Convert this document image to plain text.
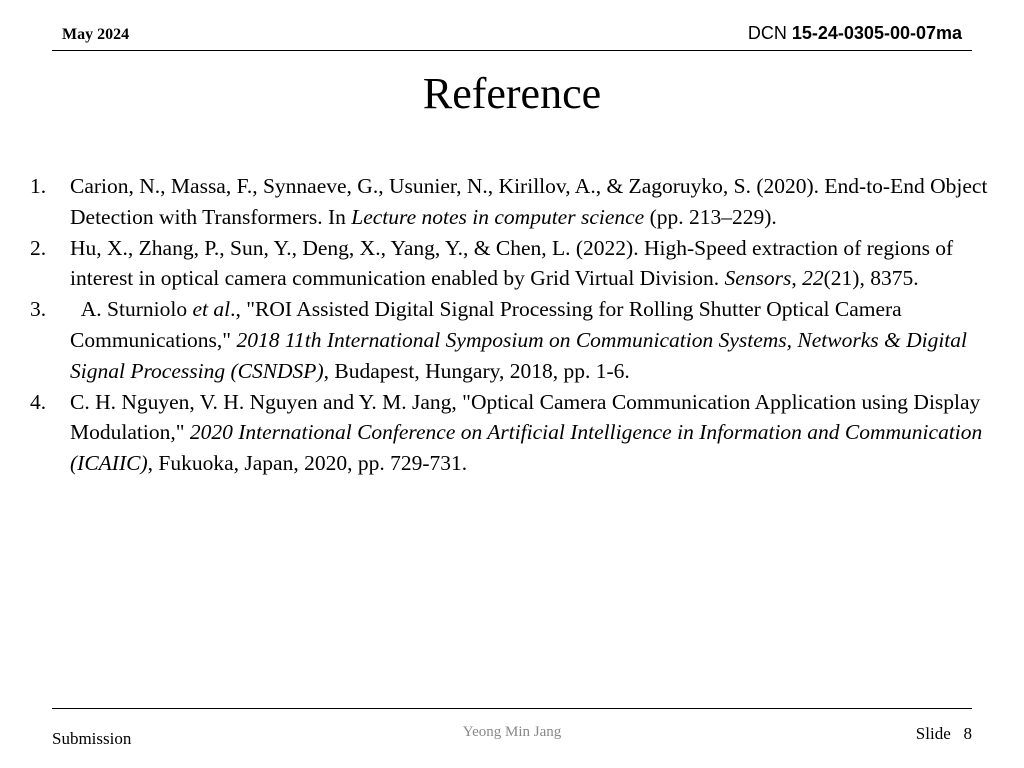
May 2024	DCN 15-24-0305-00-07ma
Reference
1. Carion, N., Massa, F., Synnaeve, G., Usunier, N., Kirillov, A., & Zagoruyko, S. (2020). End-to-End Object Detection with Transformers. In Lecture notes in computer science (pp. 213–229).
2. Hu, X., Zhang, P., Sun, Y., Deng, X., Yang, Y., & Chen, L. (2022). High-Speed extraction of regions of interest in optical camera communication enabled by Grid Virtual Division. Sensors, 22(21), 8375.
3. A. Sturniolo et al., "ROI Assisted Digital Signal Processing for Rolling Shutter Optical Camera Communications," 2018 11th International Symposium on Communication Systems, Networks & Digital Signal Processing (CSNDSP), Budapest, Hungary, 2018, pp. 1-6.
4. C. H. Nguyen, V. H. Nguyen and Y. M. Jang, "Optical Camera Communication Application using Display Modulation," 2020 International Conference on Artificial Intelligence in Information and Communication (ICAIIC), Fukuoka, Japan, 2020, pp. 729-731.
Submission	Yeong Min Jang	Slide 8
